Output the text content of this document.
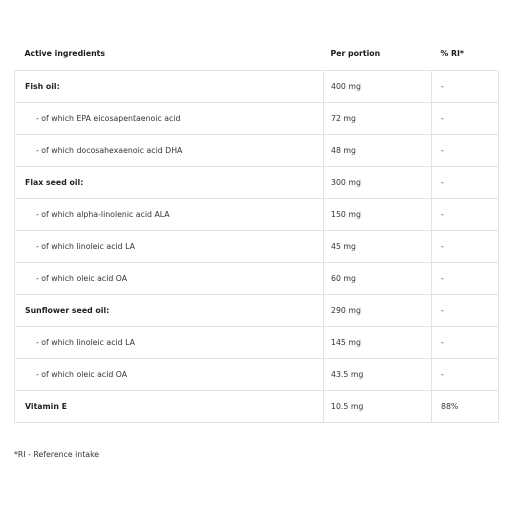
Active ingredients	Per portion	% RI*
Fish oil:	400 mg	-
- of which EPA eicosapentaenoic acid	72 mg	-
- of which docosahexaenoic acid DHA	48 mg	-
Flax seed oil:	300 mg	-
- of which alpha-linolenic acid ALA	150 mg	-
- of which linoleic acid LA	45 mg	-
- of which oleic acid OA	60 mg	-
Sunflower seed oil:	290 mg	-
- of which linoleic acid LA	145 mg	-
- of which oleic acid OA	43.5 mg	-
Vitamin E	10.5 mg	88%
*RI - Reference intake
